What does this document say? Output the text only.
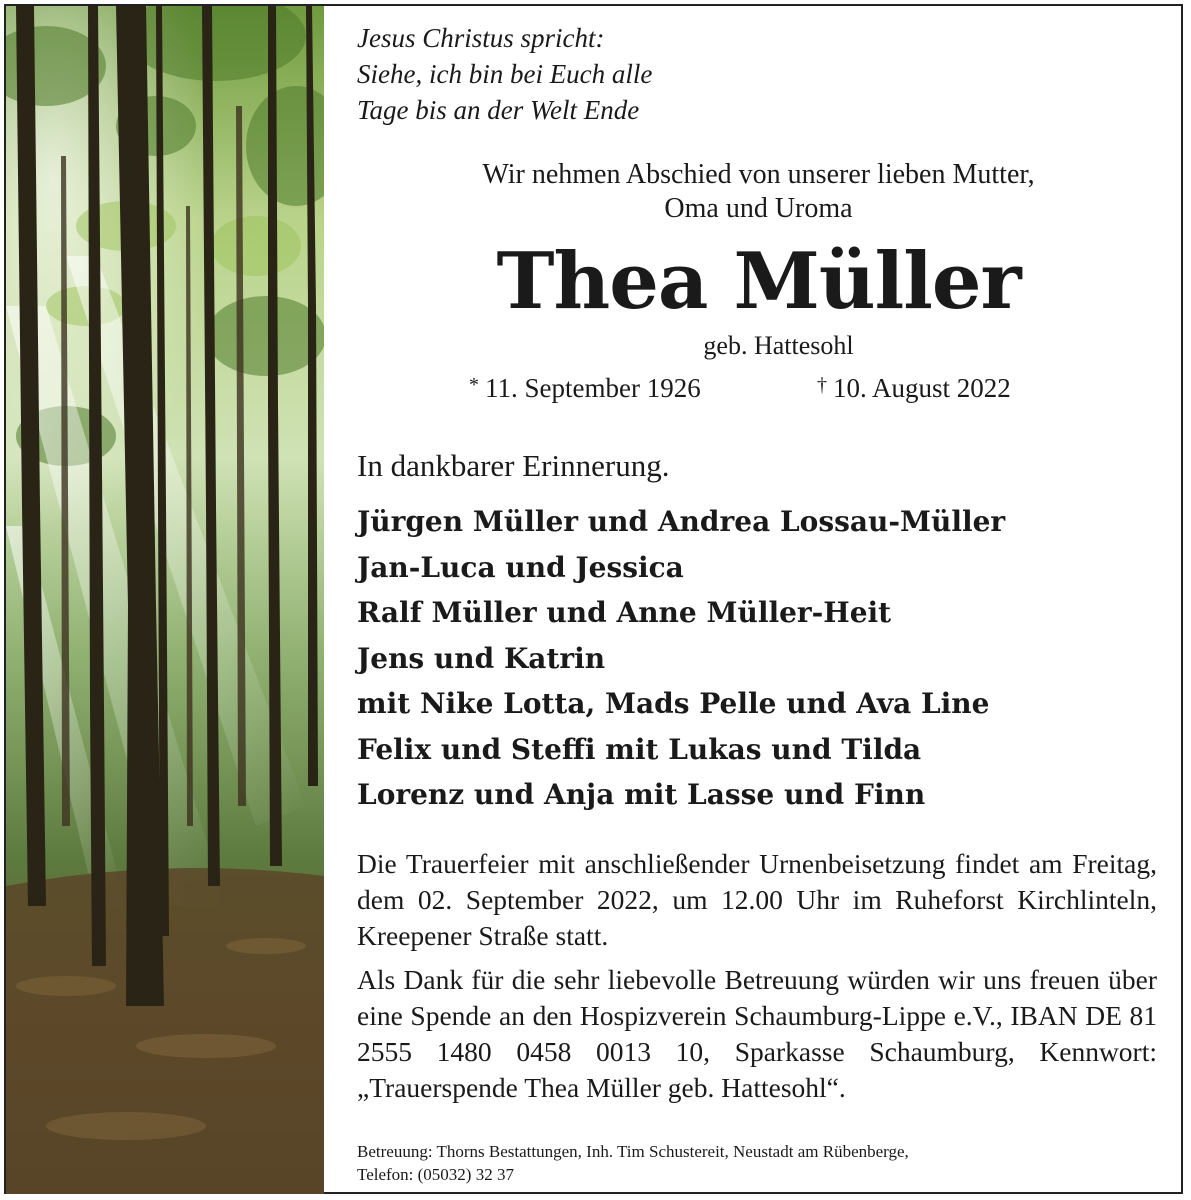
Jesus Christus spricht:
Siehe, ich bin bei Euch alle
Tage bis an der Welt Ende
Wir nehmen Abschied von unserer lieben Mutter,
Oma und Uroma
Thea Müller
geb. Hattesohl
* 11. September 1926	† 10. August 2022
In dankbarer Erinnerung.
Jürgen Müller und Andrea Lossau-Müller
Jan-Luca und Jessica
Ralf Müller und Anne Müller-Heit
Jens und Katrin
mit Nike Lotta, Mads Pelle und Ava Line
Felix und Steffi mit Lukas und Tilda
Lorenz und Anja mit Lasse und Finn
Die Trauerfeier mit anschließender Urnenbeisetzung findet am Freitag, dem 02. September 2022, um 12.00 Uhr im Ruheforst Kirchlinteln, Kreepener Straße statt.
Als Dank für die sehr liebevolle Betreuung würden wir uns freuen über eine Spende an den Hospizverein Schaumburg-Lippe e.V., IBAN DE 81 2555 1480 0458 0013 10, Sparkasse Schaumburg, Kennwort: „Trauerspende Thea Müller geb. Hattesohl“.
Betreuung: Thorns Bestattungen, Inh. Tim Schustereit, Neustadt am Rübenberge,
Telefon: (05032) 32 37
